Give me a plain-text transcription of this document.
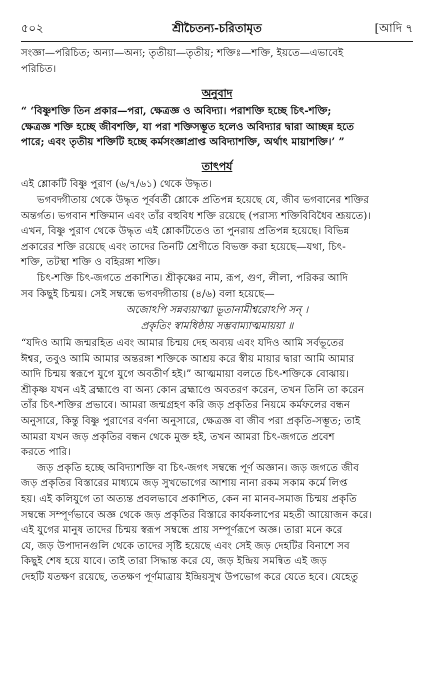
৫০২	শ্রীচৈতন্য-চরিতামৃত	[আদি ৭
সংজ্ঞা—পরিচিত; অন্যা—অন্য; তৃতীয়া—তৃতীয়; শক্তিঃ—শক্তি, ইয়তে—এভাবেই
পরিচিত।
অনুবাদ
“ ‘বিষ্ণুশক্তি তিন প্রকার—পরা, ক্ষেত্রজ্ঞ ও অবিদ্যা। পরাশক্তি হচ্ছে চিৎ-শক্তি;
ক্ষেত্রজ্ঞ শক্তি হচ্ছে জীবশক্তি, যা পরা শক্তিসম্ভূত হলেও অবিদ্যার দ্বারা আচ্ছন্ন হতে
পারে; এবং তৃতীয় শক্তিটি হচ্ছে কর্মসংজ্ঞাপ্রাপ্ত অবিদ্যাশক্তি, অর্থাৎ মায়াশক্তি।’ ”
তাৎপর্য
এই শ্লোকটি বিষ্ণু পুরাণ (৬/৭/৬১) থেকে উদ্ধৃত।
ভগবদ্গীতায় থেকে উদ্ধৃত পূর্ববর্তী শ্লোকে প্রতিপন্ন হয়েছে যে, জীব ভগবানের শক্তির
অন্তর্গত। ভগবান শক্তিমান এবং তাঁর বহুবিধ শক্তি রয়েছে (পরাস্য শক্তিবিবিধৈব শ্রূয়তে)।
এখন, বিষ্ণু পুরাণ থেকে উদ্ধৃত এই শ্লোকটিতেও তা পুনরায় প্রতিপন্ন হয়েছে। বিভিন্ন
প্রকারের শক্তি রয়েছে এবং তাদের তিনটি শ্রেণীতে বিভক্ত করা হয়েছে—যথা, চিৎ-
শক্তি, তটস্থা শক্তি ও বহিরঙ্গা শক্তি।
চিৎ-শক্তি চিৎ-জগতে প্রকাশিত। শ্রীকৃষ্ণের নাম, রূপ, গুণ, লীলা, পরিকর আদি
সব কিছুই চিন্ময়। সেই সম্বন্ধে ভগবদ্গীতায় (৪/৬) বলা হয়েছে—
অজোঽপি সন্নব্যয়াত্মা ভূতানামীশ্বরোঽপি সন্ ।
প্রকৃতিং স্বামধিষ্ঠায় সম্ভবাম্যাত্মমায়য়া ॥
“যদিও আমি জন্মরহিত এবং আমার চিন্ময় দেহ অব্যয় এবং যদিও আমি সর্বভূতের
ঈশ্বর, তবুও আমি আমার অন্তরঙ্গা শক্তিকে আশ্রয় করে স্বীয় মায়ার দ্বারা আমি আমার
আদি চিন্ময় স্বরূপে যুগে যুগে অবতীর্ণ হই।” আত্মমায়া বলতে চিৎ-শক্তিকে বোঝায়।
শ্রীকৃষ্ণ যখন এই ব্রহ্মাণ্ডে বা অন্য কোন ব্রহ্মাণ্ডে অবতরণ করেন, তখন তিনি তা করেন
তাঁর চিৎ-শক্তির প্রভাবে। আমরা জন্মগ্রহণ করি জড় প্রকৃতির নিয়মে কর্মফলের বন্ধন
অনুসারে, কিন্তু বিষ্ণু পুরাণের বর্ণনা অনুসারে, ক্ষেত্রজ্ঞ বা জীব পরা প্রকৃতি-সম্ভূত; তাই
আমরা যখন জড় প্রকৃতির বন্ধন থেকে মুক্ত হই, তখন আমরা চিৎ-জগতে প্রবেশ
করতে পারি।
জড় প্রকৃতি হচ্ছে অবিদ্যাশক্তি বা চিৎ-জগৎ সম্বন্ধে পূর্ণ অজ্ঞান। জড় জগতে জীব
জড় প্রকৃতির বিস্তারের মাধ্যমে জড় সুখভোগের আশায় নানা রকম সকাম কর্মে লিপ্ত
হয়। এই কলিযুগে তা অত্যন্ত প্রবলভাবে প্রকাশিত, কেন না মানব-সমাজ চিন্ময় প্রকৃতি
সম্বন্ধে সম্পূর্ণভাবে অজ্ঞ থেকে জড় প্রকৃতির বিস্তারে কার্যকলাপের মহতী আয়োজন করে।
এই যুগের মানুষ তাদের চিন্ময় স্বরূপ সম্বন্ধে প্রায় সম্পূর্ণরূপে অজ্ঞ। তারা মনে করে
যে, জড় উপাদানগুলি থেকে তাদের সৃষ্টি হয়েছে এবং সেই জড় দেহটির বিনাশে সব
কিছুই শেষ হয়ে যাবে। তাই তারা সিদ্ধান্ত করে যে, জড় ইন্দ্রিয় সমন্বিত এই জড়
দেহটি যতক্ষণ রয়েছে, ততক্ষণ পূর্ণমাত্রায় ইন্দ্রিয়সুখ উপভোগ করে যেতে হবে। যেহেতু
